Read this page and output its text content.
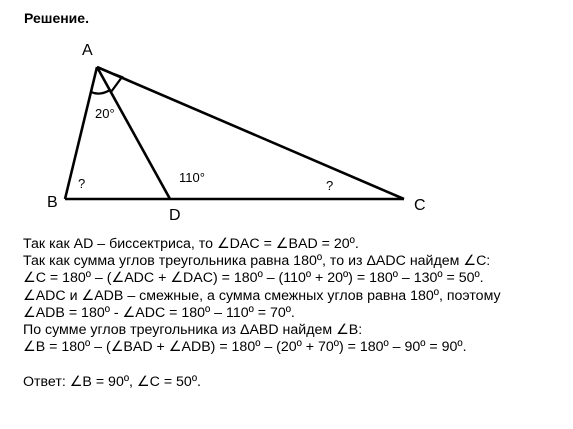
Решение.
A
B	C
D
20°
110°
?	?
Так как AD – биссектриса, то ∠DAC = ∠BAD = 20º.
Так как сумма углов треугольника равна 180º, то из ΔADC найдем ∠C:
∠C = 180º – (∠ADC + ∠DAC) = 180º – (110º + 20º) = 180º – 130º = 50º.
∠ADC и ∠ADB – смежные, а сумма смежных углов равна 180º, поэтому
∠ADB = 180º - ∠ADC = 180º – 110º = 70º.
По сумме углов треугольника из ΔABD найдем ∠B:
∠B = 180º – (∠BAD + ∠ADB) = 180º – (20º + 70º) = 180º – 90º = 90º.
Ответ: ∠B = 90º, ∠C = 50º.
